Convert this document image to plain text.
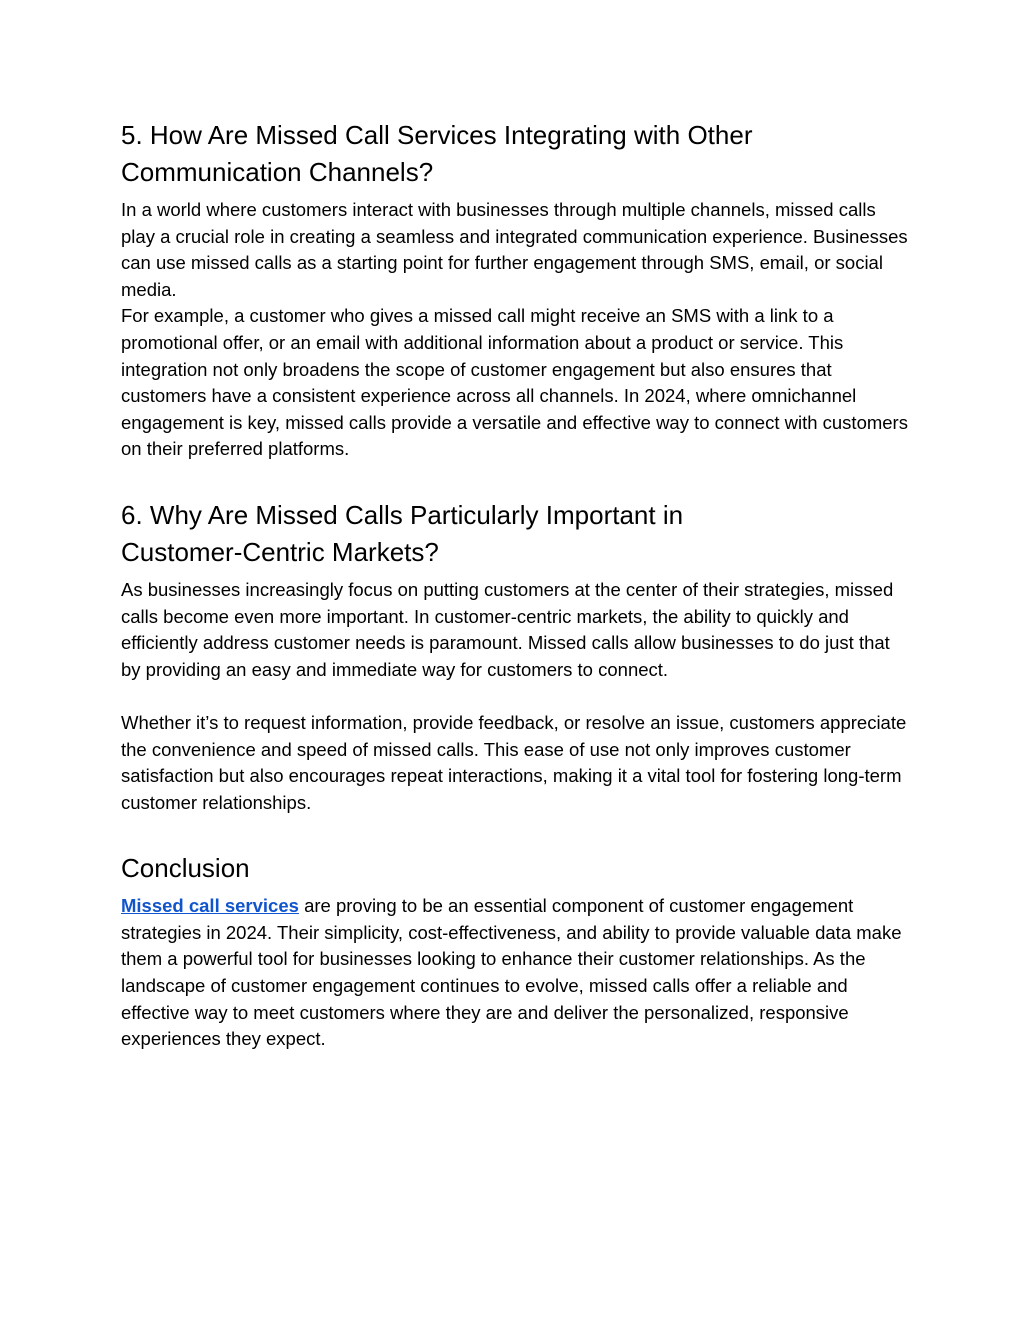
5. How Are Missed Call Services Integrating with Other Communication Channels?

In a world where customers interact with businesses through multiple channels, missed calls play a crucial role in creating a seamless and integrated communication experience. Businesses can use missed calls as a starting point for further engagement through SMS, email, or social media.

For example, a customer who gives a missed call might receive an SMS with a link to a promotional offer, or an email with additional information about a product or service. This integration not only broadens the scope of customer engagement but also ensures that customers have a consistent experience across all channels. In 2024, where omnichannel engagement is key, missed calls provide a versatile and effective way to connect with customers on their preferred platforms.

6. Why Are Missed Calls Particularly Important in Customer-Centric Markets?

As businesses increasingly focus on putting customers at the center of their strategies, missed calls become even more important. In customer-centric markets, the ability to quickly and efficiently address customer needs is paramount. Missed calls allow businesses to do just that by providing an easy and immediate way for customers to connect.

Whether it’s to request information, provide feedback, or resolve an issue, customers appreciate the convenience and speed of missed calls. This ease of use not only improves customer satisfaction but also encourages repeat interactions, making it a vital tool for fostering long-term customer relationships.

Conclusion

Missed call services are proving to be an essential component of customer engagement strategies in 2024. Their simplicity, cost-effectiveness, and ability to provide valuable data make them a powerful tool for businesses looking to enhance their customer relationships. As the landscape of customer engagement continues to evolve, missed calls offer a reliable and effective way to meet customers where they are and deliver the personalized, responsive experiences they expect.
